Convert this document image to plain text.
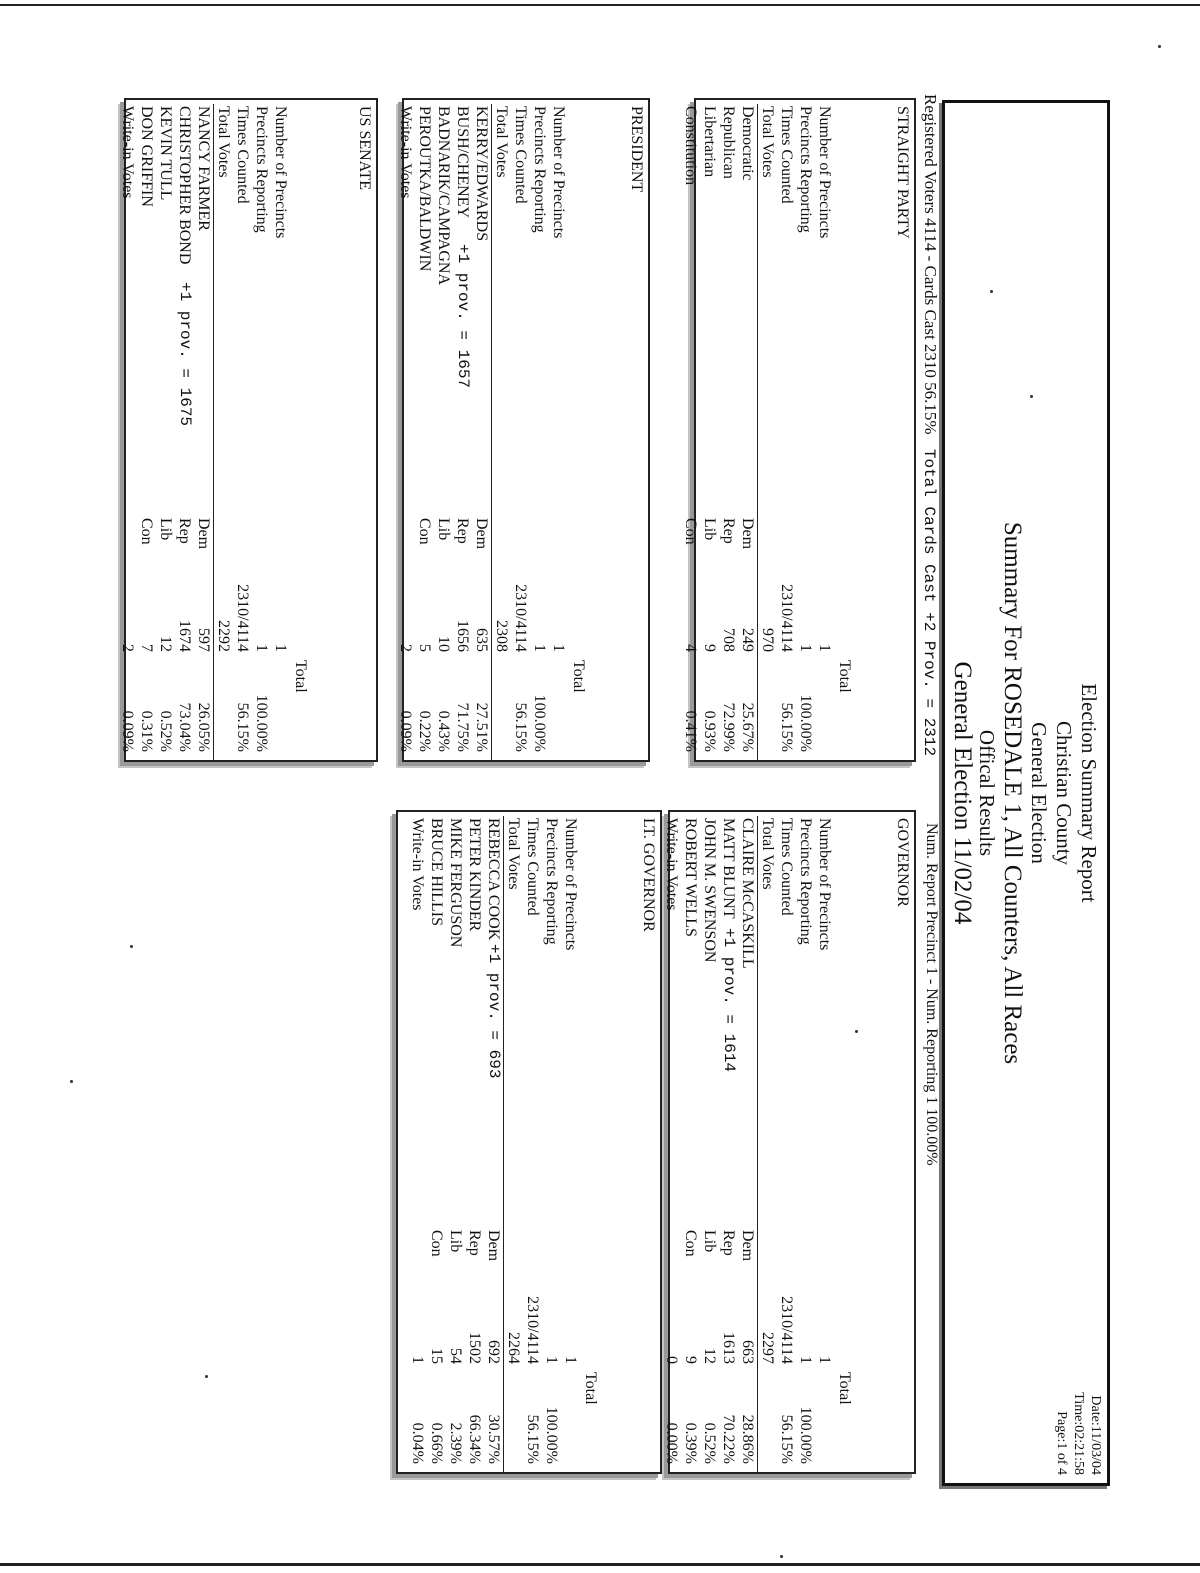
Election Summary Report
Christian County
General Election
Summary For ROSEDALE 1, All Counters, All Races
Offical Results
General Election 11/02/04
Date:11/03/04
Time:02:21:58
Page:1 of 4
Registered Voters 4114 - Cards Cast 2310 56.15% Total Cards Cast +2 Prov. = 2312
Num. Report Precinct 1 - Num. Reporting 1 100.00%
STRAIGHT PARTY
Total
Number of Precincts
1
Precincts Reporting
1
100.00%
Times Counted
2310/4114
56.15%
Total Votes
970
Democratic
Dem
249
25.67%
Republican
Rep
708
72.99%
Libertarian
Lib
9
0.93%
Constitution
Con
4
0.41%
PRESIDENT
Total
Number of Precincts
1
Precincts Reporting
1
100.00%
Times Counted
2310/4114
56.15%
Total Votes
2308
KERRY/EDWARDS
Dem
635
27.51%
BUSH/CHENEY
+1 prov. = 1657
Rep
1656
71.75%
BADNARIK/CAMPAGNA
Lib
10
0.43%
PEROUTKA/BALDWIN
Con
5
0.22%
Write-in Votes
2
0.09%
US SENATE
Total
Number of Precincts
1
Precincts Reporting
1
100.00%
Times Counted
2310/4114
56.15%
Total Votes
2292
NANCY FARMER
Dem
597
26.05%
CHRISTOPHER BOND
+1 prov. = 1675
Rep
1674
73.04%
KEVIN TULL
Lib
12
0.52%
DON GRIFFIN
Con
7
0.31%
Write-in Votes
2
0.09%
GOVERNOR
Total
Number of Precincts
1
Precincts Reporting
1
100.00%
Times Counted
2310/4114
56.15%
Total Votes
2297
CLAIRE McCASKILL
Dem
663
28.86%
MATT BLUNT
+1 prov. = 1614
Rep
1613
70.22%
JOHN M. SWENSON
Lib
12
0.52%
ROBERT WELLS
Con
9
0.39%
Write-in Votes
0
0.00%
LT. GOVERNOR
Total
Number of Precincts
1
Precincts Reporting
1
100.00%
Times Counted
2310/4114
56.15%
Total Votes
2264
REBECCA COOK
+1 prov. = 693
Dem
692
30.57%
PETER KINDER
Rep
1502
66.34%
MIKE FERGUSON
Lib
54
2.39%
BRUCE HILLIS
Con
15
0.66%
Write-in Votes
1
0.04%
